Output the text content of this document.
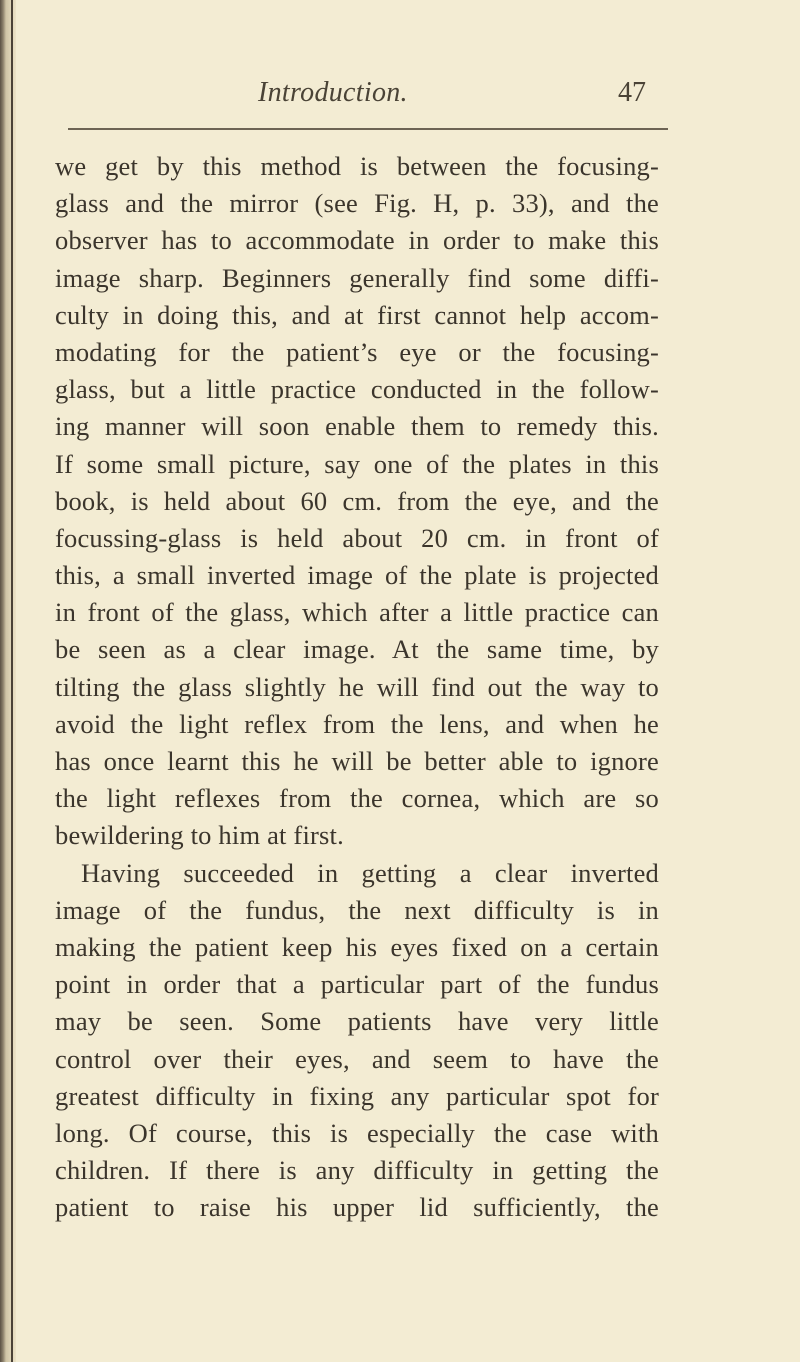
Introduction.	47
we get by this method is between the focusing-
glass and the mirror (see Fig. H, p. 33), and the
observer has to accommodate in order to make this
image sharp. Beginners generally find some diffi-
culty in doing this, and at first cannot help accom-
modating for the patient’s eye or the focusing-
glass, but a little practice conducted in the follow-
ing manner will soon enable them to remedy this.
If some small picture, say one of the plates in this
book, is held about 60 cm. from the eye, and the
focussing-glass is held about 20 cm. in front of
this, a small inverted image of the plate is projected
in front of the glass, which after a little practice can
be seen as a clear image. At the same time, by
tilting the glass slightly he will find out the way to
avoid the light reflex from the lens, and when he
has once learnt this he will be better able to ignore
the light reflexes from the cornea, which are so
bewildering to him at first.
Having succeeded in getting a clear inverted
image of the fundus, the next difficulty is in
making the patient keep his eyes fixed on a certain
point in order that a particular part of the fundus
may be seen. Some patients have very little
control over their eyes, and seem to have the
greatest difficulty in fixing any particular spot for
long. Of course, this is especially the case with
children. If there is any difficulty in getting the
patient to raise his upper lid sufficiently, the
